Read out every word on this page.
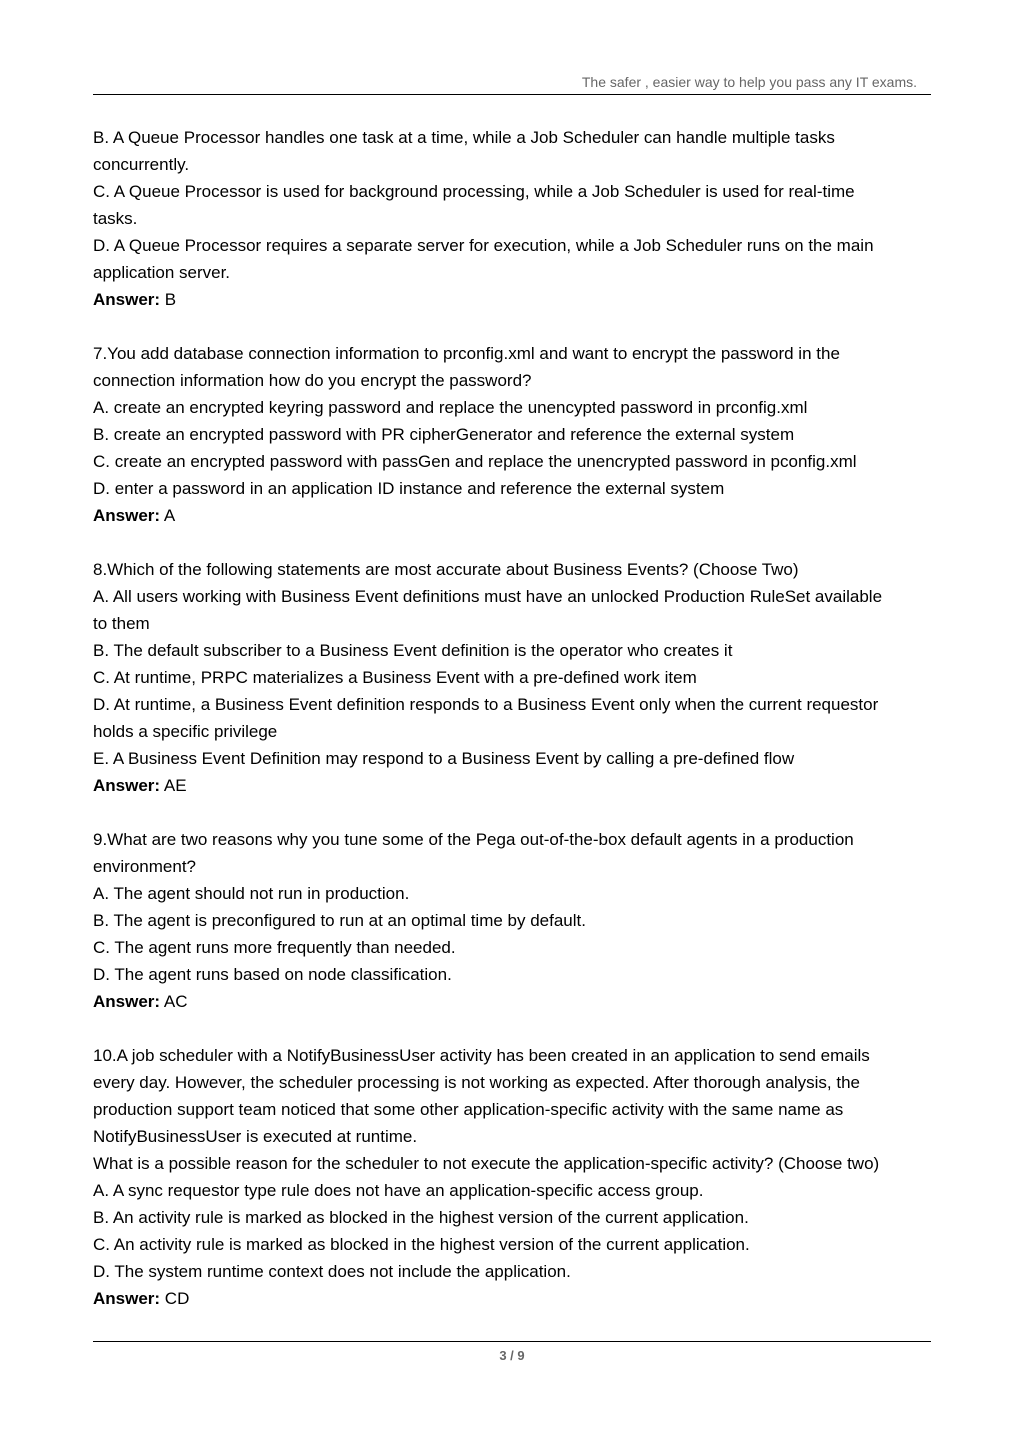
The safer , easier way to help you pass any IT exams.
B. A Queue Processor handles one task at a time, while a Job Scheduler can handle multiple tasks
concurrently.
C. A Queue Processor is used for background processing, while a Job Scheduler is used for real-time
tasks.
D. A Queue Processor requires a separate server for execution, while a Job Scheduler runs on the main
application server.
Answer: B
7.You add database connection information to prconfig.xml and want to encrypt the password in the
connection information how do you encrypt the password?
A. create an encrypted keyring password and replace the unencypted password in prconfig.xml
B. create an encrypted password with PR cipherGenerator and reference the external system
C. create an encrypted password with passGen and replace the unencrypted password in pconfig.xml
D. enter a password in an application ID instance and reference the external system
Answer: A
8.Which of the following statements are most accurate about Business Events? (Choose Two)
A. All users working with Business Event definitions must have an unlocked Production RuleSet available
to them
B. The default subscriber to a Business Event definition is the operator who creates it
C. At runtime, PRPC materializes a Business Event with a pre-defined work item
D. At runtime, a Business Event definition responds to a Business Event only when the current requestor
holds a specific privilege
E. A Business Event Definition may respond to a Business Event by calling a pre-defined flow
Answer: AE
9.What are two reasons why you tune some of the Pega out-of-the-box default agents in a production
environment?
A. The agent should not run in production.
B. The agent is preconfigured to run at an optimal time by default.
C. The agent runs more frequently than needed.
D. The agent runs based on node classification.
Answer: AC
10.A job scheduler with a NotifyBusinessUser activity has been created in an application to send emails
every day. However, the scheduler processing is not working as expected. After thorough analysis, the
production support team noticed that some other application-specific activity with the same name as
NotifyBusinessUser is executed at runtime.
What is a possible reason for the scheduler to not execute the application-specific activity? (Choose two)
A. A sync requestor type rule does not have an application-specific access group.
B. An activity rule is marked as blocked in the highest version of the current application.
C. An activity rule is marked as blocked in the highest version of the current application.
D. The system runtime context does not include the application.
Answer: CD
3 / 9
